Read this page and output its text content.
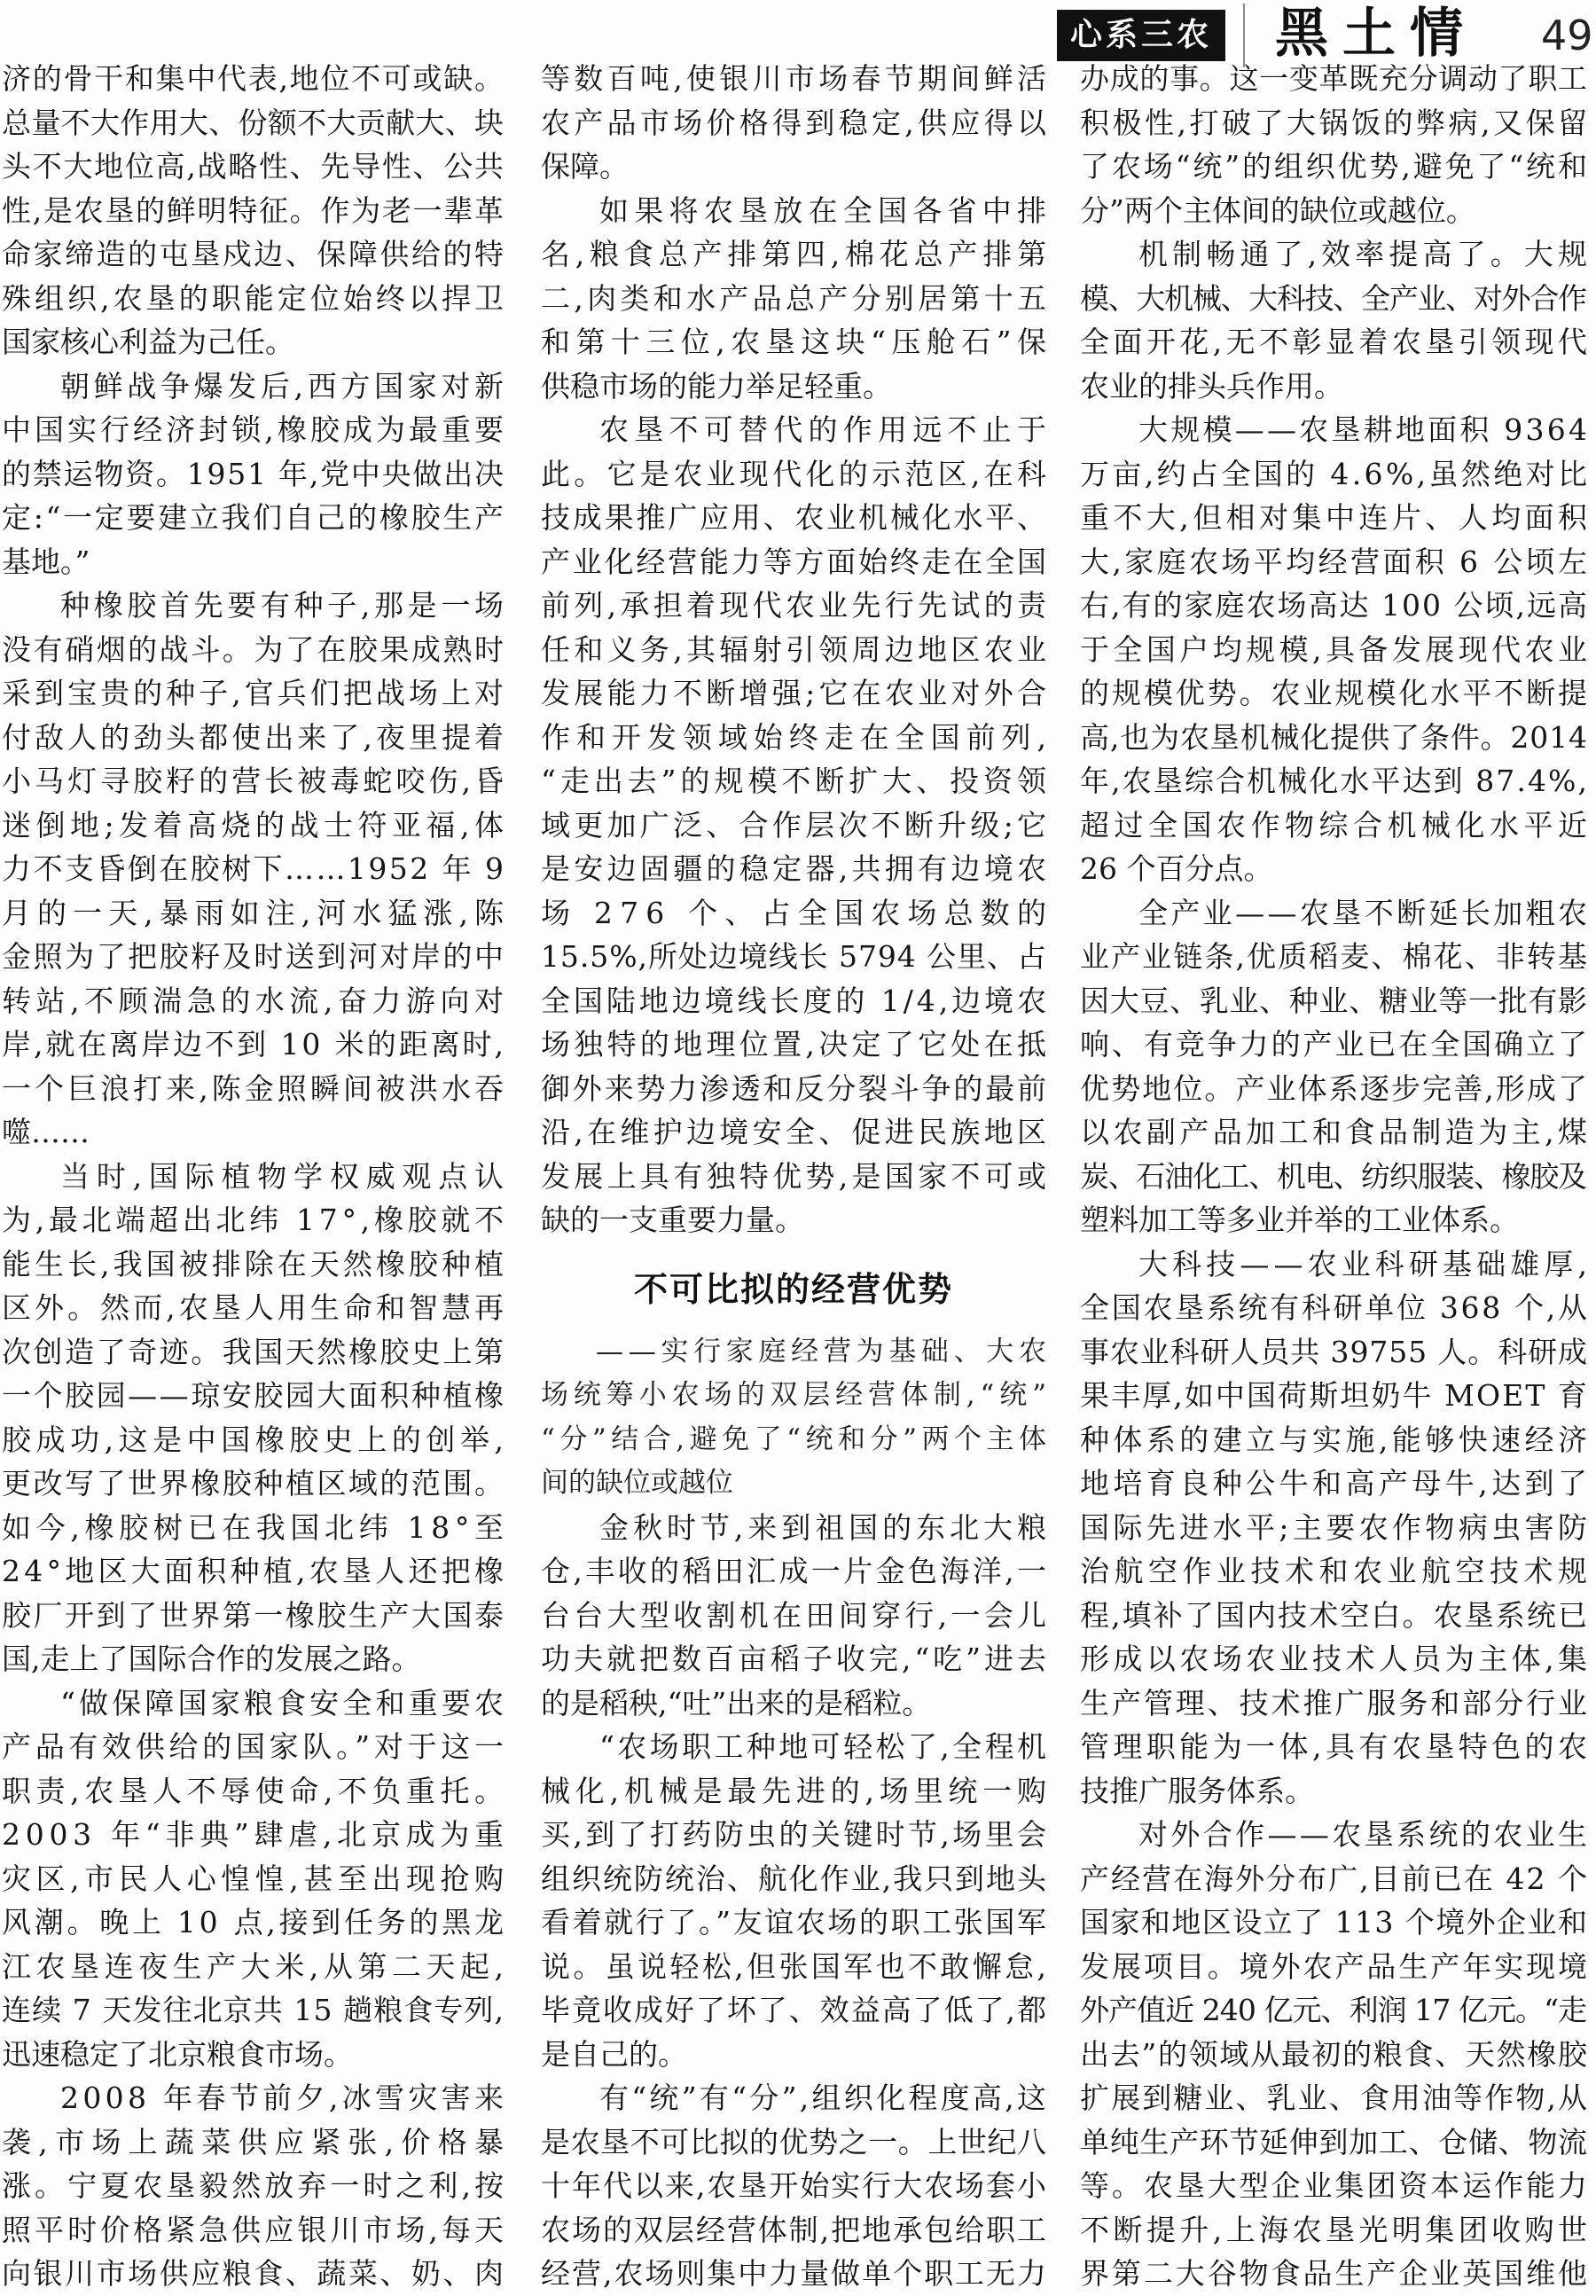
心系三农 黑土情 49
济的骨干和集中代表,地位不可或缺。
总量不大作用大、份额不大贡献大、块
头不大地位高,战略性、先导性、公共
性,是农垦的鲜明特征。作为老一辈革
命家缔造的屯垦戍边、保障供给的特
殊组织,农垦的职能定位始终以捍卫
国家核心利益为己任。
朝鲜战争爆发后,西方国家对新
中国实行经济封锁,橡胶成为最重要
的禁运物资。1951 年,党中央做出决
定:“一定要建立我们自己的橡胶生产
基地。”
种橡胶首先要有种子,那是一场
没有硝烟的战斗。为了在胶果成熟时
采到宝贵的种子,官兵们把战场上对
付敌人的劲头都使出来了,夜里提着
小马灯寻胶籽的营长被毒蛇咬伤,昏
迷倒地;发着高烧的战士符亚福,体
力不支昏倒在胶树下……1952 年 9
月的一天,暴雨如注,河水猛涨,陈
金照为了把胶籽及时送到河对岸的中
转站,不顾湍急的水流,奋力游向对
岸,就在离岸边不到 10 米的距离时,
一个巨浪打来,陈金照瞬间被洪水吞
噬……
当时,国际植物学权威观点认
为,最北端超出北纬 17°,橡胶就不
能生长,我国被排除在天然橡胶种植
区外。然而,农垦人用生命和智慧再
次创造了奇迹。我国天然橡胶史上第
一个胶园——琼安胶园大面积种植橡
胶成功,这是中国橡胶史上的创举,
更改写了世界橡胶种植区域的范围。
如今,橡胶树已在我国北纬 18°至
24°地区大面积种植,农垦人还把橡
胶厂开到了世界第一橡胶生产大国泰
国,走上了国际合作的发展之路。
“做保障国家粮食安全和重要农
产品有效供给的国家队。”对于这一
职责,农垦人不辱使命,不负重托。
2003 年“非典”肆虐,北京成为重
灾区,市民人心惶惶,甚至出现抢购
风潮。晚上 10 点,接到任务的黑龙
江农垦连夜生产大米,从第二天起,
连续 7 天发往北京共 15 趟粮食专列,
迅速稳定了北京粮食市场。
2008 年春节前夕,冰雪灾害来
袭,市场上蔬菜供应紧张,价格暴
涨。宁夏农垦毅然放弃一时之利,按
照平时价格紧急供应银川市场,每天
向银川市场供应粮食、蔬菜、奶、肉
等数百吨,使银川市场春节期间鲜活
农产品市场价格得到稳定,供应得以
保障。
如果将农垦放在全国各省中排
名,粮食总产排第四,棉花总产排第
二,肉类和水产品总产分别居第十五
和第十三位,农垦这块“压舱石”保
供稳市场的能力举足轻重。
农垦不可替代的作用远不止于
此。它是农业现代化的示范区,在科
技成果推广应用、农业机械化水平、
产业化经营能力等方面始终走在全国
前列,承担着现代农业先行先试的责
任和义务,其辐射引领周边地区农业
发展能力不断增强;它在农业对外合
作和开发领域始终走在全国前列,
“走出去”的规模不断扩大、投资领
域更加广泛、合作层次不断升级;它
是安边固疆的稳定器,共拥有边境农
场 276 个、占全国农场总数的
15.5%,所处边境线长 5794 公里、占
全国陆地边境线长度的 1/4,边境农
场独特的地理位置,决定了它处在抵
御外来势力渗透和反分裂斗争的最前
沿,在维护边境安全、促进民族地区
发展上具有独特优势,是国家不可或
缺的一支重要力量。
不可比拟的经营优势
——实行家庭经营为基础、大农
场统筹小农场的双层经营体制,“统”
“分”结合,避免了“统和分”两个主体
间的缺位或越位
金秋时节,来到祖国的东北大粮
仓,丰收的稻田汇成一片金色海洋,一
台台大型收割机在田间穿行,一会儿
功夫就把数百亩稻子收完,“吃”进去
的是稻秧,“吐”出来的是稻粒。
“农场职工种地可轻松了,全程机
械化,机械是最先进的,场里统一购
买,到了打药防虫的关键时节,场里会
组织统防统治、航化作业,我只到地头
看着就行了。”友谊农场的职工张国军
说。虽说轻松,但张国军也不敢懈怠,
毕竟收成好了坏了、效益高了低了,都
是自己的。
有“统”有“分”,组织化程度高,这
是农垦不可比拟的优势之一。上世纪八
十年代以来,农垦开始实行大农场套小
农场的双层经营体制,把地承包给职工
经营,农场则集中力量做单个职工无力
办成的事。这一变革既充分调动了职工
积极性,打破了大锅饭的弊病,又保留
了农场“统”的组织优势,避免了“统和
分”两个主体间的缺位或越位。
机制畅通了,效率提高了。大规
模、大机械、大科技、全产业、对外合作
全面开花,无不彰显着农垦引领现代
农业的排头兵作用。
大规模——农垦耕地面积 9364
万亩,约占全国的 4.6%,虽然绝对比
重不大,但相对集中连片、人均面积
大,家庭农场平均经营面积 6 公顷左
右,有的家庭农场高达 100 公顷,远高
于全国户均规模,具备发展现代农业
的规模优势。农业规模化水平不断提
高,也为农垦机械化提供了条件。2014
年,农垦综合机械化水平达到 87.4%,
超过全国农作物综合机械化水平近
26 个百分点。
全产业——农垦不断延长加粗农
业产业链条,优质稻麦、棉花、非转基
因大豆、乳业、种业、糖业等一批有影
响、有竞争力的产业已在全国确立了
优势地位。产业体系逐步完善,形成了
以农副产品加工和食品制造为主,煤
炭、石油化工、机电、纺织服装、橡胶及
塑料加工等多业并举的工业体系。
大科技——农业科研基础雄厚,
全国农垦系统有科研单位 368 个,从
事农业科研人员共 39755 人。科研成
果丰厚,如中国荷斯坦奶牛 MOET 育
种体系的建立与实施,能够快速经济
地培育良种公牛和高产母牛,达到了
国际先进水平;主要农作物病虫害防
治航空作业技术和农业航空技术规
程,填补了国内技术空白。农垦系统已
形成以农场农业技术人员为主体,集
生产管理、技术推广服务和部分行业
管理职能为一体,具有农垦特色的农
技推广服务体系。
对外合作——农垦系统的农业生
产经营在海外分布广,目前已在 42 个
国家和地区设立了 113 个境外企业和
发展项目。境外农产品生产年实现境
外产值近 240 亿元、利润 17 亿元。“走
出去”的领域从最初的粮食、天然橡胶
扩展到糖业、乳业、食用油等作物,从
单纯生产环节延伸到加工、仓储、物流
等。农垦大型企业集团资本运作能力
不断提升,上海农垦光明集团收购世
界第二大谷物食品生产企业英国维他
